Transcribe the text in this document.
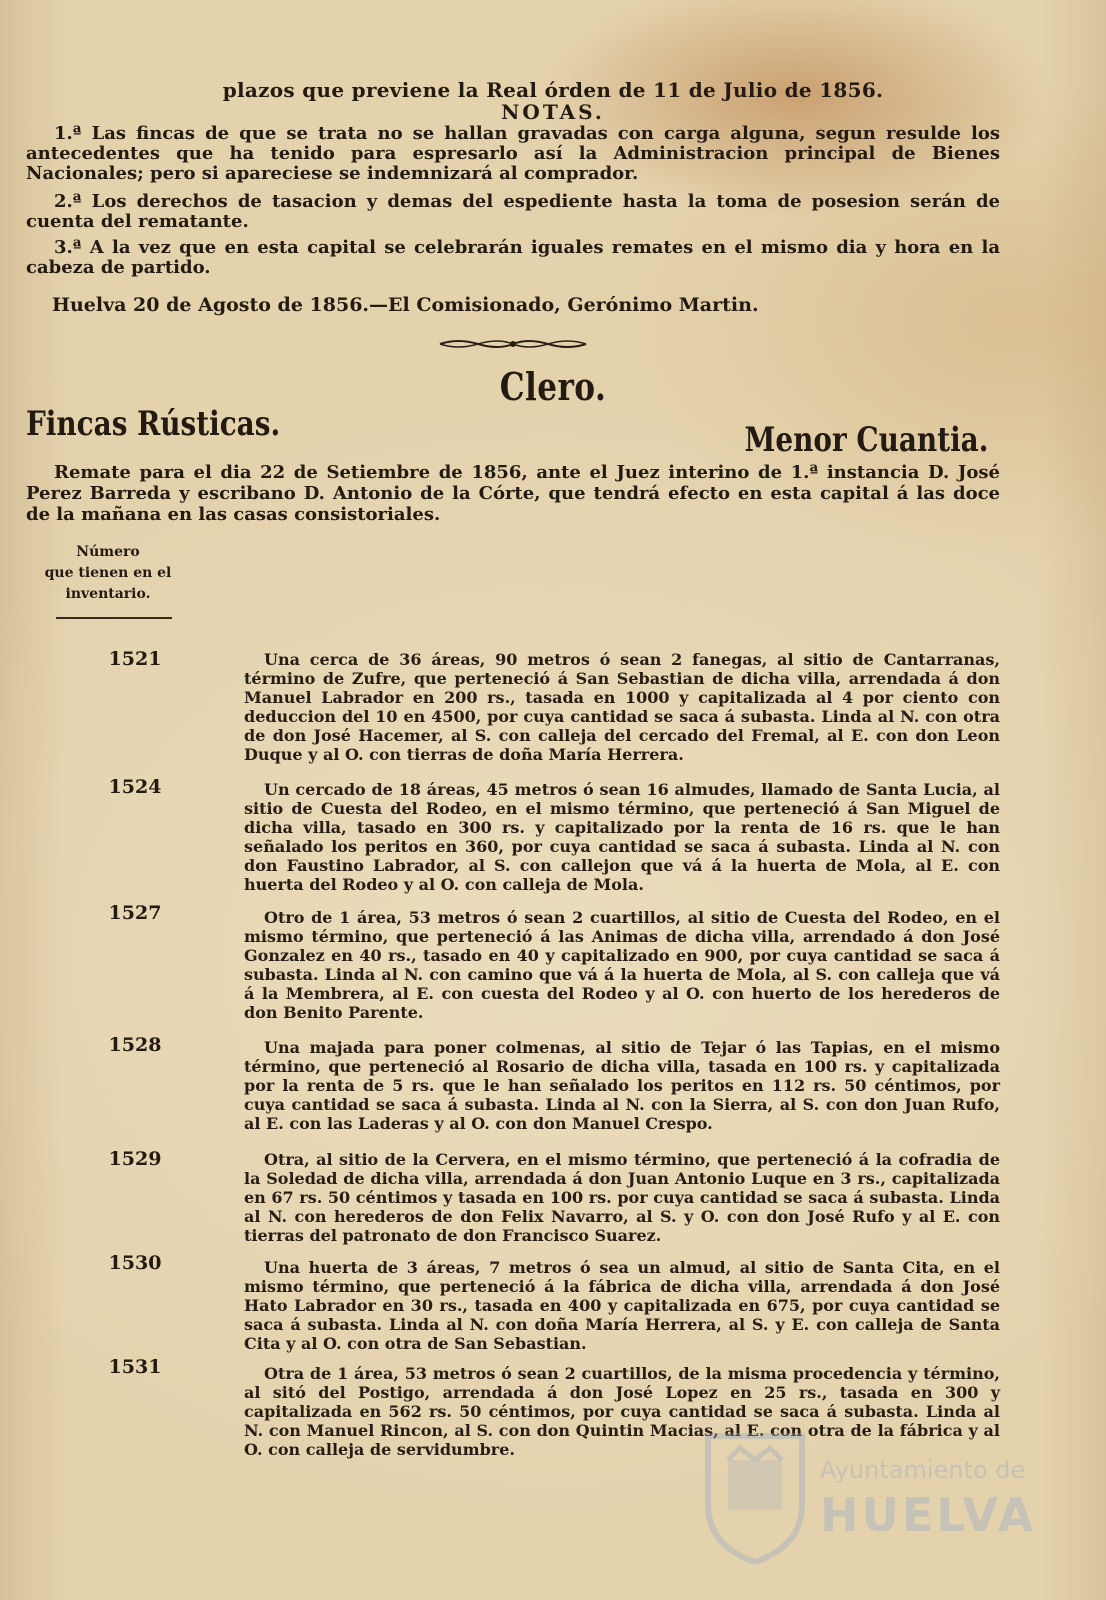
plazos que previene la Real órden de 11 de Julio de 1856.
NOTAS.
1.ª Las fincas de que se trata no se hallan gravadas con carga alguna, segun resulde los antecedentes que ha tenido para espresarlo así la Administracion principal de Bienes Nacionales; pero si apareciese se indemnizará al comprador.
2.ª Los derechos de tasacion y demas del espediente hasta la toma de posesion serán de cuenta del rematante.
3.ª A la vez que en esta capital se celebrarán iguales remates en el mismo dia y hora en la cabeza de partido.
Huelva 20 de Agosto de 1856.—El Comisionado, Gerónimo Martin.
Clero.
Fincas Rústicas.	Menor Cuantia.
Remate para el dia 22 de Setiembre de 1856, ante el Juez interino de 1.ª instancia D. José Perez Barreda y escribano D. Antonio de la Córte, que tendrá efecto en esta capital á las doce de la mañana en las casas consistoriales.
Número
que tienen en el
inventario.
1521	Una cerca de 36 áreas, 90 metros ó sean 2 fanegas, al sitio de Cantarranas, término de Zufre, que perteneció á San Sebastian de dicha villa, arrendada á don Manuel Labrador en 200 rs., tasada en 1000 y capitalizada al 4 por ciento con deduccion del 10 en 4500, por cuya cantidad se saca á subasta. Linda al N. con otra de don José Hacemer, al S. con calleja del cercado del Fremal, al E. con don Leon Duque y al O. con tierras de doña María Herrera.
1524	Un cercado de 18 áreas, 45 metros ó sean 16 almudes, llamado de Santa Lucia, al sitio de Cuesta del Rodeo, en el mismo término, que perteneció á San Miguel de dicha villa, tasado en 300 rs. y capitalizado por la renta de 16 rs. que le han señalado los peritos en 360, por cuya cantidad se saca á subasta. Linda al N. con don Faustino Labrador, al S. con callejon que vá á la huerta de Mola, al E. con huerta del Rodeo y al O. con calleja de Mola.
1527	Otro de 1 área, 53 metros ó sean 2 cuartillos, al sitio de Cuesta del Rodeo, en el mismo término, que perteneció á las Animas de dicha villa, arrendado á don José Gonzalez en 40 rs., tasado en 40 y capitalizado en 900, por cuya cantidad se saca á subasta. Linda al N. con camino que vá á la huerta de Mola, al S. con calleja que vá á la Membrera, al E. con cuesta del Rodeo y al O. con huerto de los herederos de don Benito Parente.
1528	Una majada para poner colmenas, al sitio de Tejar ó las Tapias, en el mismo término, que perteneció al Rosario de dicha villa, tasada en 100 rs. y capitalizada por la renta de 5 rs. que le han señalado los peritos en 112 rs. 50 céntimos, por cuya cantidad se saca á subasta. Linda al N. con la Sierra, al S. con don Juan Rufo, al E. con las Laderas y al O. con don Manuel Crespo.
1529	Otra, al sitio de la Cervera, en el mismo término, que perteneció á la cofradia de la Soledad de dicha villa, arrendada á don Juan Antonio Luque en 3 rs., capitalizada en 67 rs. 50 céntimos y tasada en 100 rs. por cuya cantidad se saca á subasta. Linda al N. con herederos de don Felix Navarro, al S. y O. con don José Rufo y al E. con tierras del patronato de don Francisco Suarez.
1530	Una huerta de 3 áreas, 7 metros ó sea un almud, al sitio de Santa Cita, en el mismo término, que perteneció á la fábrica de dicha villa, arrendada á don José Hato Labrador en 30 rs., tasada en 400 y capitalizada en 675, por cuya cantidad se saca á subasta. Linda al N. con doña María Herrera, al S. y E. con calleja de Santa Cita y al O. con otra de San Sebastian.
1531	Otra de 1 área, 53 metros ó sean 2 cuartillos, de la misma procedencia y término, al sitó del Postigo, arrendada á don José Lopez en 25 rs., tasada en 300 y capitalizada en 562 rs. 50 céntimos, por cuya cantidad se saca á subasta. Linda al N. con Manuel Rincon, al S. con don Quintin Macias, al E. con otra de la fábrica y al O. con calleja de servidumbre.
Ayuntamiento de
HUELVA
